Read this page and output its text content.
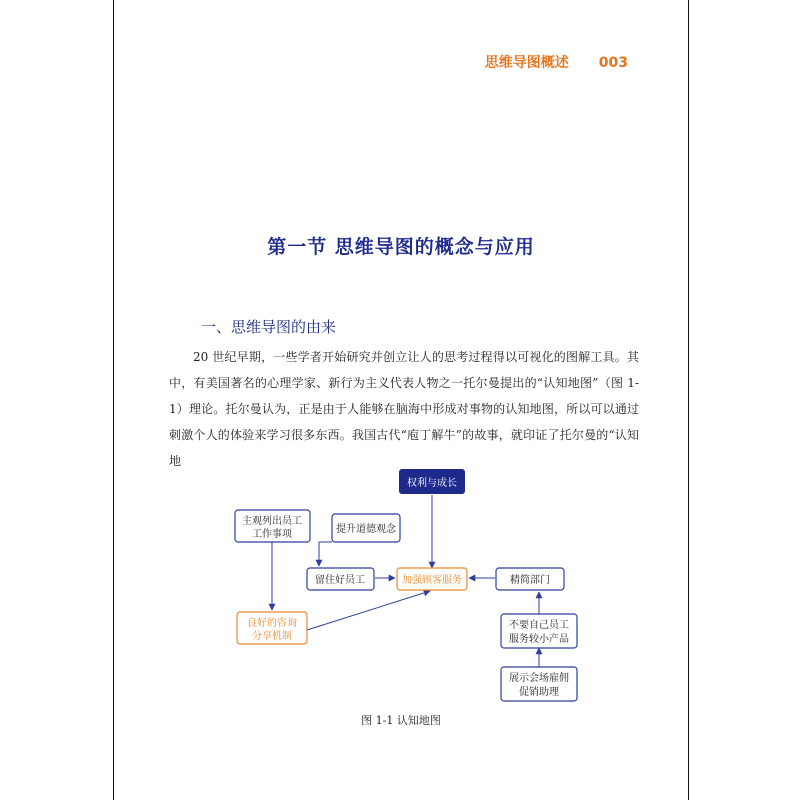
思维导图概述 003
第一节 思维导图的概念与应用
一、思维导图的由来

20 世纪早期，一些学者开始研究并创立让人的思考过程得以可视化的图解工具。其中，有美国著名的心理学家、新行为主义代表人物之一托尔曼提出的“认知地图”（图 1-1）理论。托尔曼认为，正是由于人能够在脑海中形成对事物的认知地图，所以可以通过刺激个人的体验来学习很多东西。我国古代“庖丁解牛”的故事，就印证了托尔曼的“认知地

权利与成长
主观列出员工
工作事项	提升道德观念
留住好员工	加强顾客服务	精简部门
良好的咨询
分享机制
不要自己员工
服务较小产品
展示会场雇佣
促销助理
图 1-1 认知地图
